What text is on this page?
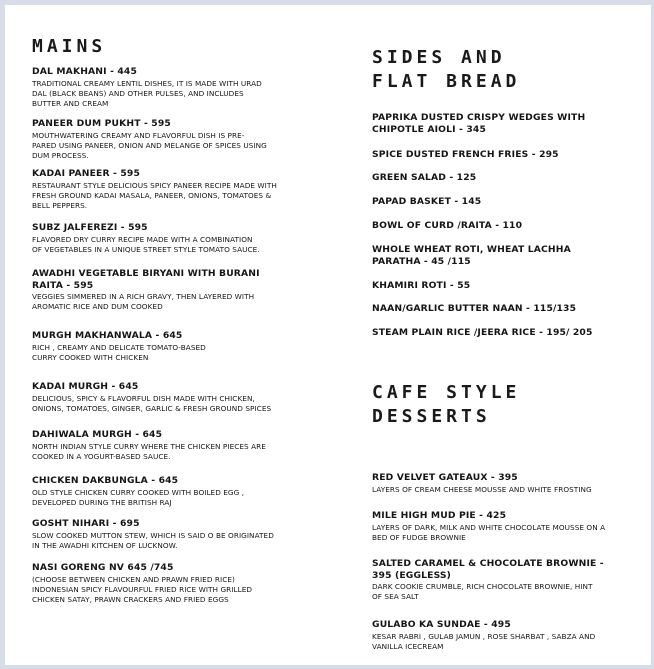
MAINS
DAL MAKHANI - 445
TRADITIONAL CREAMY LENTIL DISHES, IT IS MADE WITH URAD
DAL (BLACK BEANS) AND OTHER PULSES, AND INCLUDES
BUTTER AND CREAM
PANEER DUM PUKHT - 595
MOUTHWATERING CREAMY AND FLAVORFUL DISH IS PRE-
PARED USING PANEER, ONION AND MELANGE OF SPICES USING
DUM PROCESS.
KADAI PANEER - 595
RESTAURANT STYLE DELICIOUS SPICY PANEER RECIPE MADE WITH
FRESH GROUND KADAI MASALA, PANEER, ONIONS, TOMATOES &
BELL PEPPERS.
SUBZ JALFEREZI - 595
FLAVORED DRY CURRY RECIPE MADE WITH A COMBINATION
OF VEGETABLES IN A UNIQUE STREET STYLE TOMATO SAUCE.
AWADHI VEGETABLE BIRYANI WITH BURANI
RAITA - 595
VEGGIES SIMMERED IN A RICH GRAVY, THEN LAYERED WITH
AROMATIC RICE AND DUM COOKED
MURGH MAKHANWALA - 645
RICH , CREAMY AND DELICATE TOMATO-BASED
CURRY COOKED WITH CHICKEN
KADAI MURGH - 645
DELICIOUS, SPICY & FLAVORFUL DISH MADE WITH CHICKEN,
ONIONS, TOMATOES, GINGER, GARLIC & FRESH GROUND SPICES
DAHIWALA MURGH - 645
NORTH INDIAN STYLE CURRY WHERE THE CHICKEN PIECES ARE
COOKED IN A YOGURT-BASED SAUCE.
CHICKEN DAKBUNGLA - 645
OLD STYLE CHICKEN CURRY COOKED WITH BOILED EGG ,
DEVELOPED DURING THE BRITISH RAJ
GOSHT NIHARI - 695
SLOW COOKED MUTTON STEW, WHICH IS SAID O BE ORIGINATED
IN THE AWADHI KITCHEN OF LUCKNOW.
NASI GORENG NV 645 /745
(CHOOSE BETWEEN CHICKEN AND PRAWN FRIED RICE)
INDONESIAN SPICY FLAVOURFUL FRIED RICE WITH GRILLED
CHICKEN SATAY, PRAWN CRACKERS AND FRIED EGGS
SIDES AND
FLAT BREAD
PAPRIKA DUSTED CRISPY WEDGES WITH
CHIPOTLE AIOLI - 345
SPICE DUSTED FRENCH FRIES - 295
GREEN SALAD - 125
PAPAD BASKET - 145
BOWL OF CURD /RAITA - 110
WHOLE WHEAT ROTI, WHEAT LACHHA
PARATHA - 45 /115
KHAMIRI ROTI - 55
NAAN/GARLIC BUTTER NAAN - 115/135
STEAM PLAIN RICE /JEERA RICE - 195/ 205
CAFE STYLE
DESSERTS
RED VELVET GATEAUX - 395
LAYERS OF CREAM CHEESE MOUSSE AND WHITE FROSTING
MILE HIGH MUD PIE - 425
LAYERS OF DARK, MILK AND WHITE CHOCOLATE MOUSSE ON A
BED OF FUDGE BROWNIE
SALTED CARAMEL & CHOCOLATE BROWNIE -
395 (EGGLESS)
DARK COOKIE CRUMBLE, RICH CHOCOLATE BROWNIE, HINT
OF SEA SALT
GULABO KA SUNDAE - 495
KESAR RABRI , GULAB JAMUN , ROSE SHARBAT , SABZA AND
VANILLA ICECREAM
